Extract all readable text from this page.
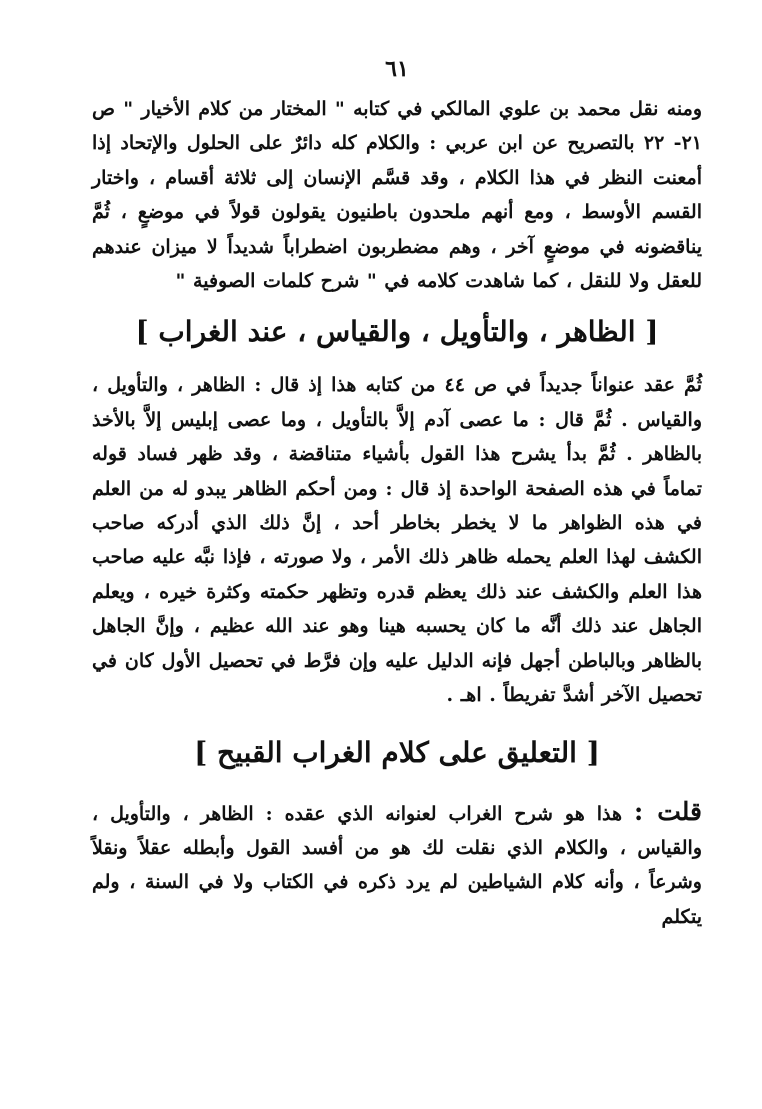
٦١

ومنه نقل محمد بن علوي المالكي في كتابه " المختار من كلام الأخيار " ص ٢١- ٢٢ بالتصريح عن ابن عربي : والكلام كله دائرٌ على الحلول والإتحاد إذا أمعنت النظر في هذا الكلام ، وقد قسَّم الإنسان إلى ثلاثة أقسام ، واختار القسم الأوسط ، ومع أنهم ملحدون باطنيون يقولون قولاً في موضعٍ ، ثُمَّ يناقضونه في موضعٍ آخر ، وهم مضطربون اضطراباً شديداً لا ميزان عندهم للعقل ولا للنقل ، كما شاهدت كلامه في " شرح كلمات الصوفية "

[ الظاهر ، والتأويل ، والقياس ، عند الغراب ]

ثُمَّ عقد عنواناً جديداً في ص ٤٤ من كتابه هذا إذ قال : الظاهر ، والتأويل ، والقياس . ثُمَّ قال : ما عصى آدم إلاَّ بالتأويل ، وما عصى إبليس إلاَّ بالأخذ بالظاهر . ثُمَّ بدأ يشرح هذا القول بأشياء متناقضة ، وقد ظهر فساد قوله تماماً في هذه الصفحة الواحدة إذ قال : ومن أحكم الظاهر يبدو له من العلم في هذه الظواهر ما لا يخطر بخاطر أحد ، إنَّ ذلك الذي أدركه صاحب الكشف لهذا العلم يحمله ظاهر ذلك الأمر ، ولا صورته ، فإذا نبَّه عليه صاحب هذا العلم والكشف عند ذلك يعظم قدره وتظهر حكمته وكثرة خيره ، ويعلم الجاهل عند ذلك أنَّه ما كان يحسبه هينا وهو عند الله عظيم ، وإنَّ الجاهل بالظاهر وبالباطن أجهل فإنه الدليل عليه وإن فرَّط في تحصيل الأول كان في تحصيل الآخر أشدَّ تفريطاً . اهـ .

[ التعليق على كلام الغراب القبيح ]

قلت : هذا هو شرح الغراب لعنوانه الذي عقده : الظاهر ، والتأويل ، والقياس ، والكلام الذي نقلت لك هو من أفسد القول وأبطله عقلاً ونقلاً وشرعاً ، وأنه كلام الشياطين لم يرد ذكره في الكتاب ولا في السنة ، ولم يتكلم
